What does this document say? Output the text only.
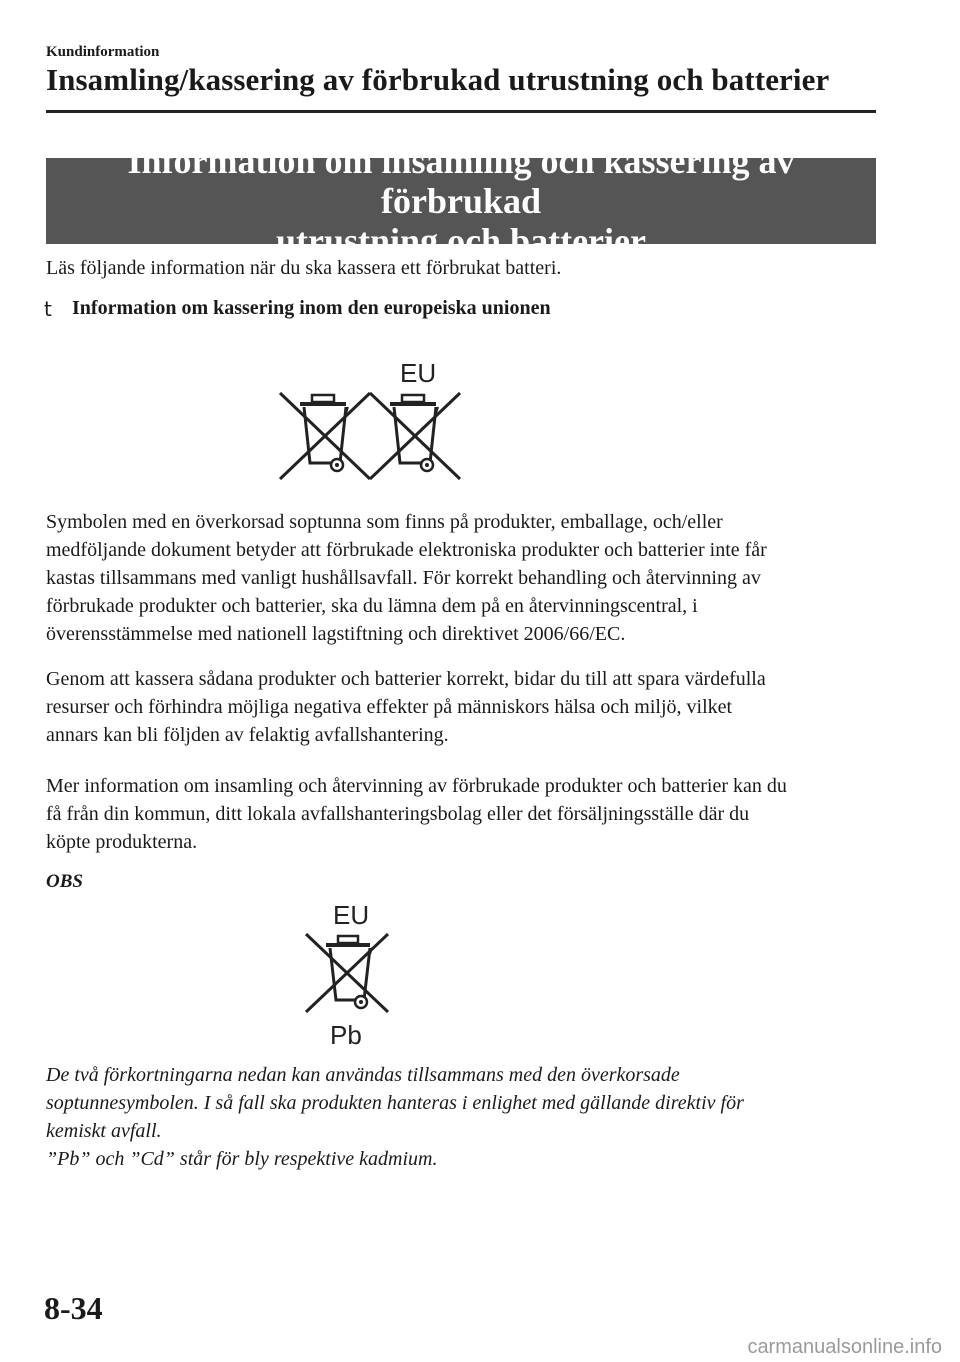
Kundinformation
Insamling/kassering av förbrukad utrustning och batterier
Information om insamling och kassering av förbrukad
utrustning och batterier
Läs följande information när du ska kassera ett förbrukat batteri.
t	Information om kassering inom den europeiska unionen
EU
Symbolen med en överkorsad soptunna som finns på produkter, emballage, och/eller
medföljande dokument betyder att förbrukade elektroniska produkter och batterier inte får
kastas tillsammans med vanligt hushållsavfall. För korrekt behandling och återvinning av
förbrukade produkter och batterier, ska du lämna dem på en återvinningscentral, i
överensstämmelse med nationell lagstiftning och direktivet 2006/66/EC.
Genom att kassera sådana produkter och batterier korrekt, bidar du till att spara värdefulla
resurser och förhindra möjliga negativa effekter på människors hälsa och miljö, vilket
annars kan bli följden av felaktig avfallshantering.
Mer information om insamling och återvinning av förbrukade produkter och batterier kan du
få från din kommun, ditt lokala avfallshanteringsbolag eller det försäljningsställe där du
köpte produkterna.
OBS
EU
Pb
De två förkortningarna nedan kan användas tillsammans med den överkorsade
soptunnesymbolen. I så fall ska produkten hanteras i enlighet med gällande direktiv för
kemiskt avfall.
”Pb” och ”Cd” står för bly respektive kadmium.
8-34
carmanualsonline.info
